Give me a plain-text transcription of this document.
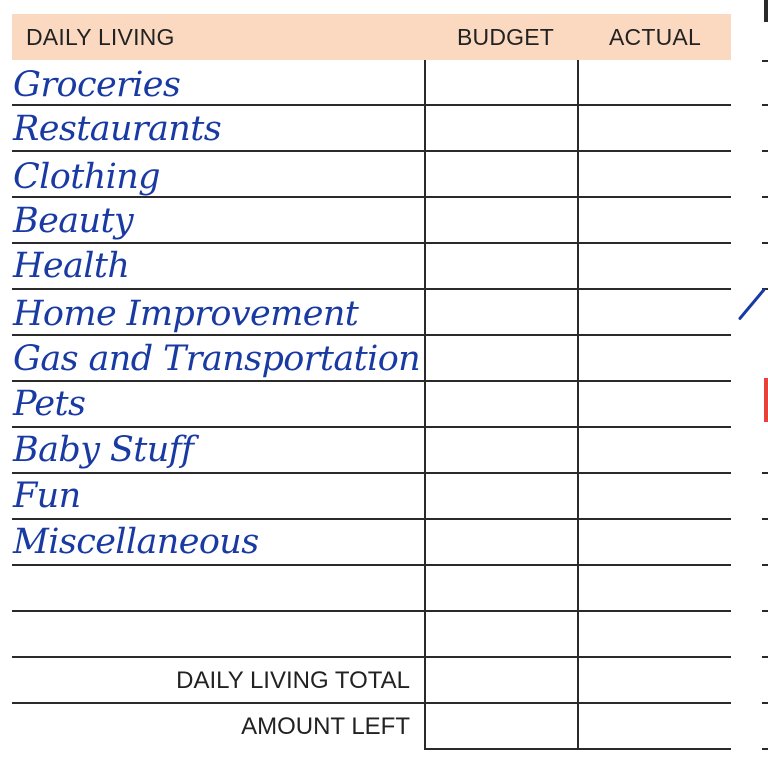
DAILY LIVING	BUDGET ACTUAL
Groceries
Restaurants
Clothing
Beauty
Health
Home Improvement
Gas and Transportation
Pets
Baby Stuff
Fun
Miscellaneous
DAILY LIVING TOTAL
AMOUNT LEFT
